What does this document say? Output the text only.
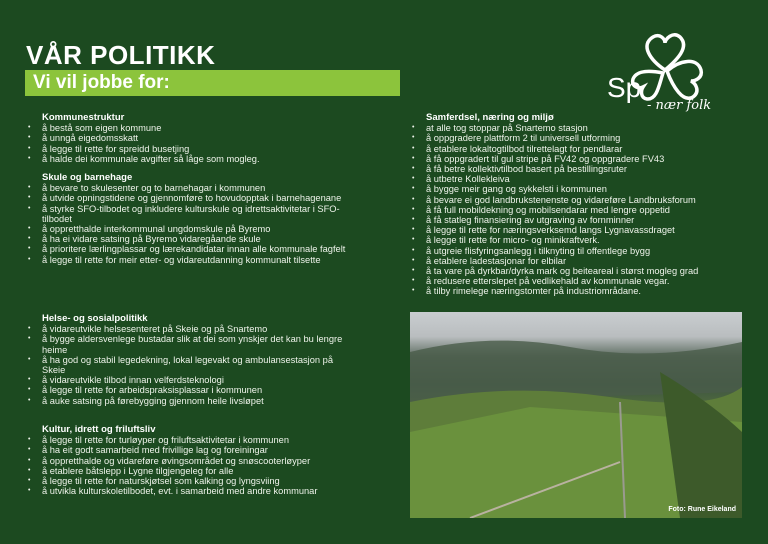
VÅR POLITIKK
Vi vil jobbe for:	Sp
- nær folk
Kommunestruktur
• å bestå som eigen kommune
• å unngå eigedomsskatt
• å legge til rette for spreidd busetjing
• å halde dei kommunale avgifter så låge som mogleg.
Skule og barnehage
• å bevare to skulesenter og to barnehagar i kommunen
• å utvide opningstidene og gjennomføre to hovudopptak i barnehagenane
• å styrke SFO-tilbodet og inkludere kulturskule og idrettsaktivitetar i SFO-tilbodet
• å oppretthalde interkommunal ungdomskule på Byremo
• å ha ei vidare satsing på Byremo vidaregåande skule
• å prioritere lærlingplassar og lærekandidatar innan alle kommunale fagfelt
• å legge til rette for meir etter- og vidareutdanning kommunalt tilsette
Helse- og sosialpolitikk
• å vidareutvikle helsesenteret på Skeie og på Snartemo
• å bygge aldersvenlege bustadar slik at dei som ynskjer det kan bu lengre heime
• å ha god og stabil legedekning, lokal legevakt og ambulansestasjon på Skeie
• å vidareutvikle tilbod innan velferdsteknologi
• å legge til rette for arbeidspraksisplassar i kommunen
• å auke satsing på førebygging gjennom heile livsløpet
Kultur, idrett og friluftsliv
• å legge til rette for turløyper og friluftsaktivitetar i kommunen
• å ha eit godt samarbeid med frivillige lag og foreiningar
• å oppretthalde og vidareføre øvingsområdet og snøscooterløyper
• å etablere båtslepp i Lygne tilgjengeleg for alle
• å legge til rette for naturskjøtsel som kalking og lyngsviing
• å utvikla kulturskoletilbodet, evt. i samarbeid med andre kommunar
Samferdsel, næring og miljø
• at alle tog stoppar på Snartemo stasjon
• å oppgradere plattform 2 til universell utforming
• å etablere lokaltogtilbod tilrettelagt for pendlarar
• å få oppgradert til gul stripe på FV42 og oppgradere FV43
• å få betre kollektivtilbod basert på bestillingsruter
• å utbetre Kollekleiva
• å bygge meir gang og sykkelsti i kommunen
• å bevare ei god landbrukstenenste og vidareføre Landbruksforum
• å få full mobildekning og mobilsendarar med lengre oppetid
• å få statleg finansiering av utgraving av fornminner
• å legge til rette for næringsverksemd langs Lygnavassdraget
• å legge til rette for micro- og minikraftverk.
• å utgreie flisfyringsanlegg i tilknyting til offentlege bygg
• å etablere ladestasjonar for elbilar
• å ta vare på dyrkbar/dyrka mark og beiteareal i størst mogleg grad
• å redusere etterslepet på vedlikehald av kommunale vegar.
• å tilby rimelege næringstomter på industriområdane.
Foto: Rune Eikeland
